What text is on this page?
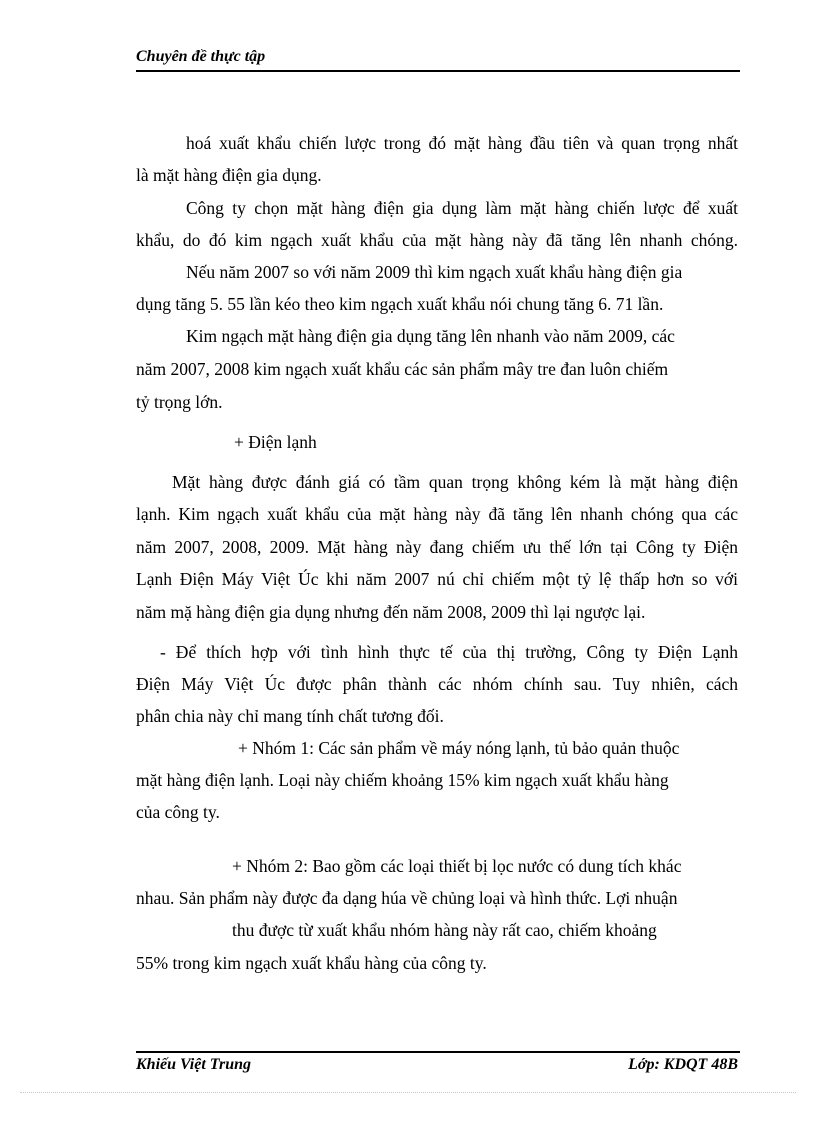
Chuyên đề thực tập
hoá xuất khẩu chiến lược trong đó mặt hàng đầu tiên và quan trọng nhất
là mặt hàng điện gia dụng.
Công ty chọn mặt hàng điện gia dụng làm mặt hàng chiến lược để xuất
khẩu, do đó kim ngạch xuất khẩu của mặt hàng này đã tăng lên nhanh chóng.
Nếu năm 2007 so với năm 2009 thì kim ngạch xuất khẩu hàng điện gia
dụng tăng 5. 55 lần kéo theo kim ngạch xuất khẩu nói chung tăng 6. 71 lần.
Kim ngạch mặt hàng điện gia dụng tăng lên nhanh vào năm 2009, các
năm 2007, 2008 kim ngạch xuất khẩu các sản phẩm mây tre đan luôn chiếm
tỷ trọng lớn.
+ Điện lạnh
Mặt hàng được đánh giá có tầm quan trọng không kém là mặt hàng điện
lạnh. Kim ngạch xuất khẩu của mặt hàng này đã tăng lên nhanh chóng qua các
năm 2007, 2008, 2009. Mặt hàng này đang chiếm ưu thế lớn tại Công ty Điện
Lạnh Điện Máy Việt Úc khi năm 2007 nú chỉ chiếm một tỷ lệ thấp hơn so với
năm mặ hàng điện gia dụng nhưng đến năm 2008, 2009 thì lại ngược lại.
- Để thích hợp với tình hình thực tế của thị trường, Công ty Điện Lạnh
Điện Máy Việt Úc được phân thành các nhóm chính sau. Tuy nhiên, cách
phân chia này chỉ mang tính chất tương đối.
+ Nhóm 1: Các sản phẩm về máy nóng lạnh, tủ bảo quản thuộc
mặt hàng điện lạnh. Loại này chiếm khoảng 15% kim ngạch xuất khẩu hàng
của công ty.
+ Nhóm 2: Bao gồm các loại thiết bị lọc nước có dung tích khác
nhau. Sản phẩm này được đa dạng húa về chủng loại và hình thức. Lợi nhuận
thu được từ xuất khẩu nhóm hàng này rất cao, chiếm khoảng
55% trong kim ngạch xuất khẩu hàng của công ty.
Khiếu Việt Trung	Lớp: KDQT 48B
